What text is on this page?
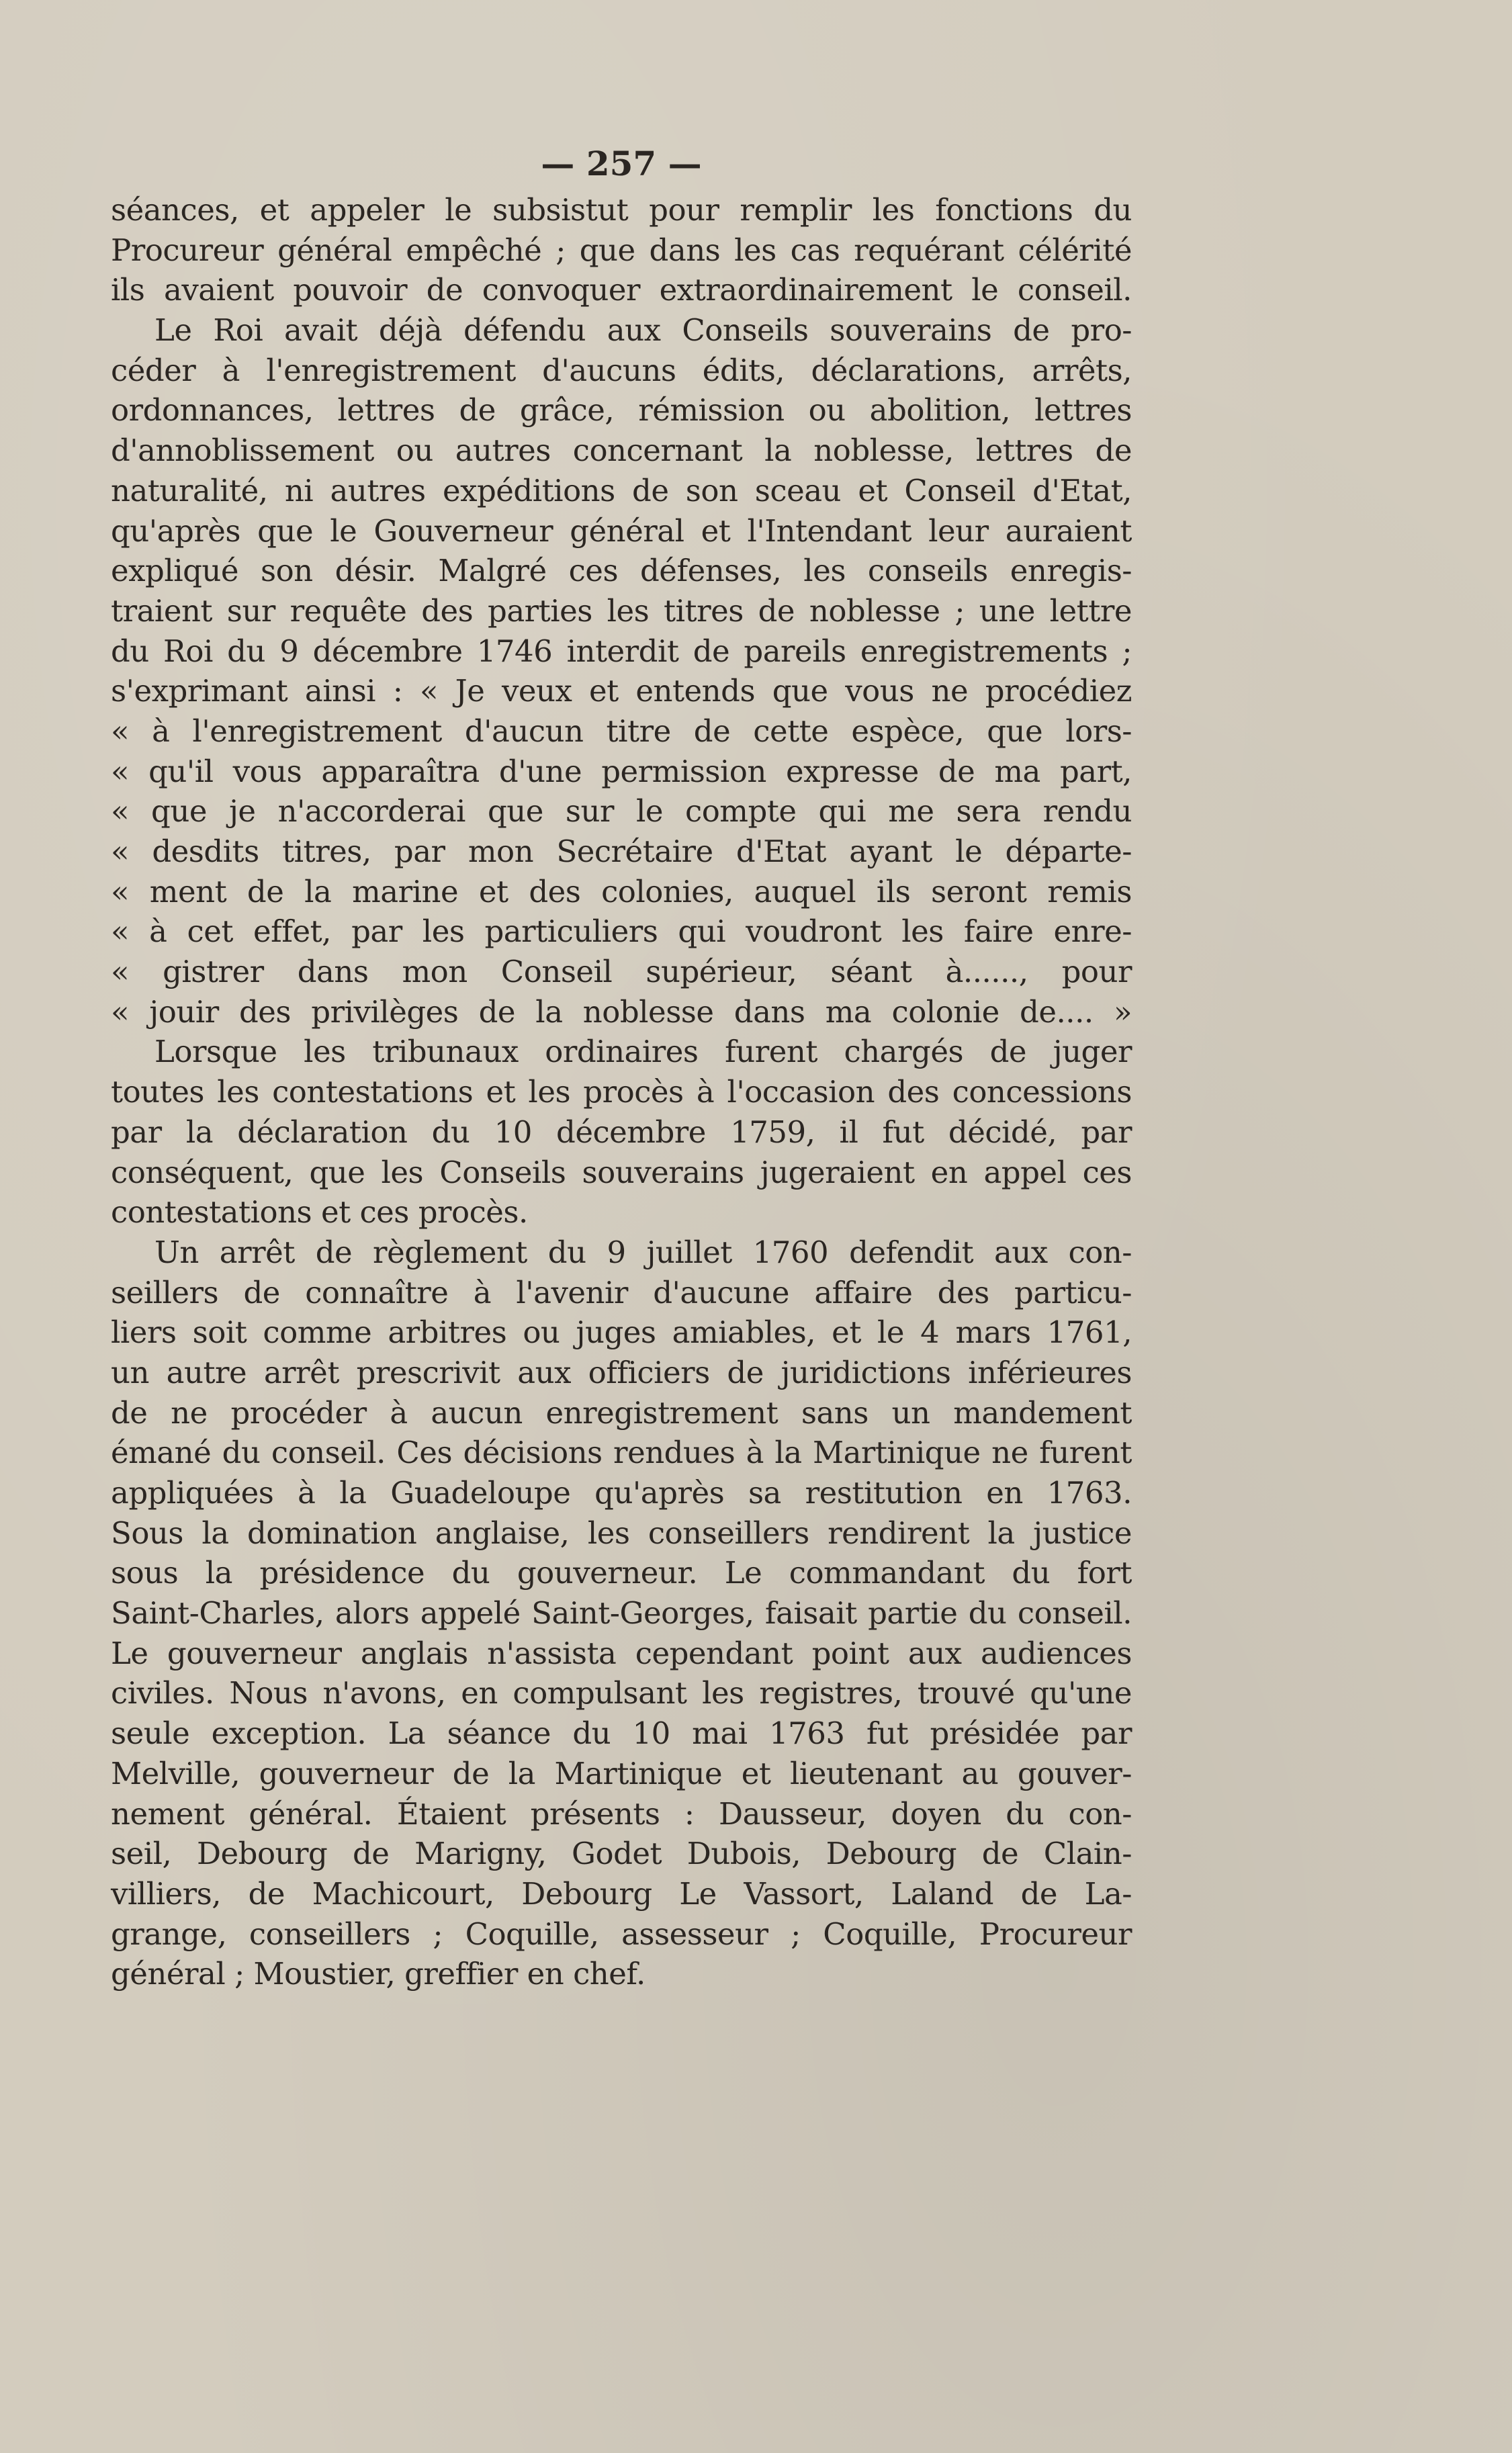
— 257 —
séances, et appeler le subsistut pour remplir les fonctions du
Procureur général empêché ; que dans les cas requérant célérité
ils avaient pouvoir de convoquer extraordinairement le conseil.
Le Roi avait déjà défendu aux Conseils souverains de pro-
céder à l'enregistrement d'aucuns édits, déclarations, arrêts,
ordonnances, lettres de grâce, rémission ou abolition, lettres
d'annoblissement ou autres concernant la noblesse, lettres de
naturalité, ni autres expéditions de son sceau et Conseil d'Etat,
qu'après que le Gouverneur général et l'Intendant leur auraient
expliqué son désir. Malgré ces défenses, les conseils enregis-
traient sur requête des parties les titres de noblesse ; une lettre
du Roi du 9 décembre 1746 interdit de pareils enregistrements ;
s'exprimant ainsi : « Je veux et entends que vous ne procédiez
« à l'enregistrement d'aucun titre de cette espèce, que lors-
« qu'il vous apparaîtra d'une permission expresse de ma part,
« que je n'accorderai que sur le compte qui me sera rendu
« desdits titres, par mon Secrétaire d'Etat ayant le départe-
« ment de la marine et des colonies, auquel ils seront remis
« à cet effet, par les particuliers qui voudront les faire enre-
« gistrer dans mon Conseil supérieur, séant à......, pour
« jouir des privilèges de la noblesse dans ma colonie de.... »
Lorsque les tribunaux ordinaires furent chargés de juger
toutes les contestations et les procès à l'occasion des concessions
par la déclaration du 10 décembre 1759, il fut décidé, par
conséquent, que les Conseils souverains jugeraient en appel ces
contestations et ces procès.
Un arrêt de règlement du 9 juillet 1760 defendit aux con-
seillers de connaître à l'avenir d'aucune affaire des particu-
liers soit comme arbitres ou juges amiables, et le 4 mars 1761,
un autre arrêt prescrivit aux officiers de juridictions inférieures
de ne procéder à aucun enregistrement sans un mandement
émané du conseil. Ces décisions rendues à la Martinique ne furent
appliquées à la Guadeloupe qu'après sa restitution en 1763.
Sous la domination anglaise, les conseillers rendirent la justice
sous la présidence du gouverneur. Le commandant du fort
Saint-Charles, alors appelé Saint-Georges, faisait partie du conseil.
Le gouverneur anglais n'assista cependant point aux audiences
civiles. Nous n'avons, en compulsant les registres, trouvé qu'une
seule exception. La séance du 10 mai 1763 fut présidée par
Melville, gouverneur de la Martinique et lieutenant au gouver-
nement général. Étaient présents : Dausseur, doyen du con-
seil, Debourg de Marigny, Godet Dubois, Debourg de Clain-
villiers, de Machicourt, Debourg Le Vassort, Laland de La-
grange, conseillers ; Coquille, assesseur ; Coquille, Procureur
général ; Moustier, greffier en chef.
